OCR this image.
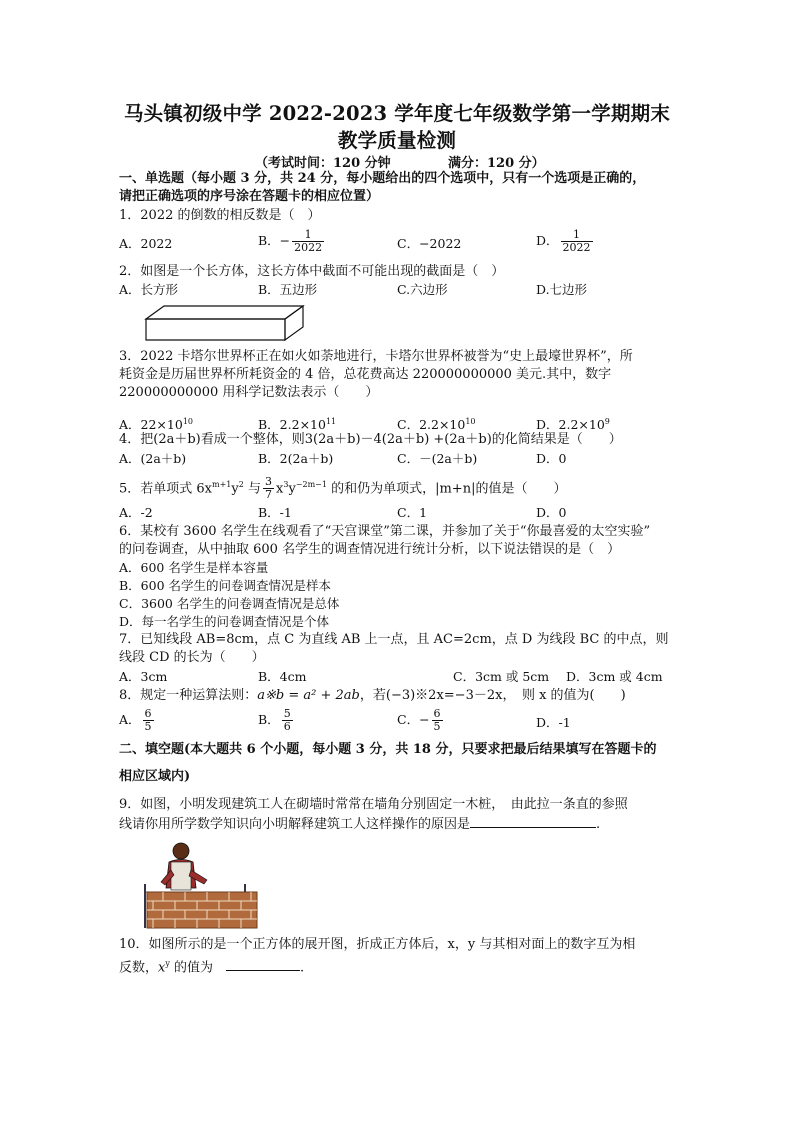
马头镇初级中学 2022-2023 学年度七年级数学第一学期期末
教学质量检测
（考试时间：120 分钟	满分：120 分）
一、单选题（每小题 3 分，共 24 分，每小题给出的四个选项中，只有一个选项是正确的，
请把正确选项的序号涂在答题卡的相应位置）
1．2022 的倒数的相反数是（　）
A．2022	B．− $\frac{1}{2022}$	C．−2022	D． $\frac{1}{2022}$
2．如图是一个长方体，这长方体中截面不可能出现的截面是（　）
A．长方形	B．五边形	C.六边形	D.七边形
3．2022 卡塔尔世界杯正在如火如荼地进行，卡塔尔世界杯被誉为“史上最壕世界杯”，所
耗资金是历届世界杯所耗资金的 4 倍，总花费高达 220000000000 美元.其中，数字
220000000000 用科学记数法表示（　　）
A．$22\times 10^{10}$	B．$2.2\times 10^{11}$	C．$2.2\times 10^{10}$	D．$2.2\times 10^9$
4．把(2a＋b)看成一个整体，则3(2a＋b)－4(2a＋b) +(2a＋b)的化简结果是（　　）
A．(2a＋b)	B．2(2a＋b)	C．－(2a＋b)	D．0
5．若单项式 $6x^{m+1}y^2$ 与 $\frac{3}{7} x^3y^{-2m-1}$ 的和仍为单项式，|m+n|的值是（　　）
A．-2	B．-1	C．1	D．0
6．某校有 3600 名学生在线观看了“天宫课堂”第二课，并参加了关于“你最喜爱的太空实验”
的问卷调查，从中抽取 600 名学生的调查情况进行统计分析，以下说法错误的是（　）
A．600 名学生是样本容量
B．600 名学生的问卷调查情况是样本
C．3600 名学生的问卷调查情况是总体
D．每一名学生的问卷调查情况是个体
7．已知线段 AB=8cm，点 C 为直线 AB 上一点，且 AC=2cm，点 D 为线段 BC 的中点，则
线段 CD 的长为（　　）
A．3cm	B．4cm	C．3cm 或 5cm D．3cm 或 4cm
8．规定一种运算法则：a※b = a² + 2ab，若(−3)※2x=−3－2x，　则 x 的值为(　　)
A． $\frac{6}{5}$	B． $\frac{5}{6}$	C．− $\frac{6}{5}$	D．-1
二、填空题(本大题共 6 个小题，每小题 3 分，共 18 分，只要求把最后结果填写在答题卡的
相应区域内)
9．如图，小明发现建筑工人在砌墙时常常在墙角分别固定一木桩，　由此拉一条直的参照
线请你用所学数学知识向小明解释建筑工人这样操作的原因是	.
10．如图所示的是一个正方体的展开图，折成正方体后，x，y 与其相对面上的数字互为相
反数，$x^y$ 的值为　	.
